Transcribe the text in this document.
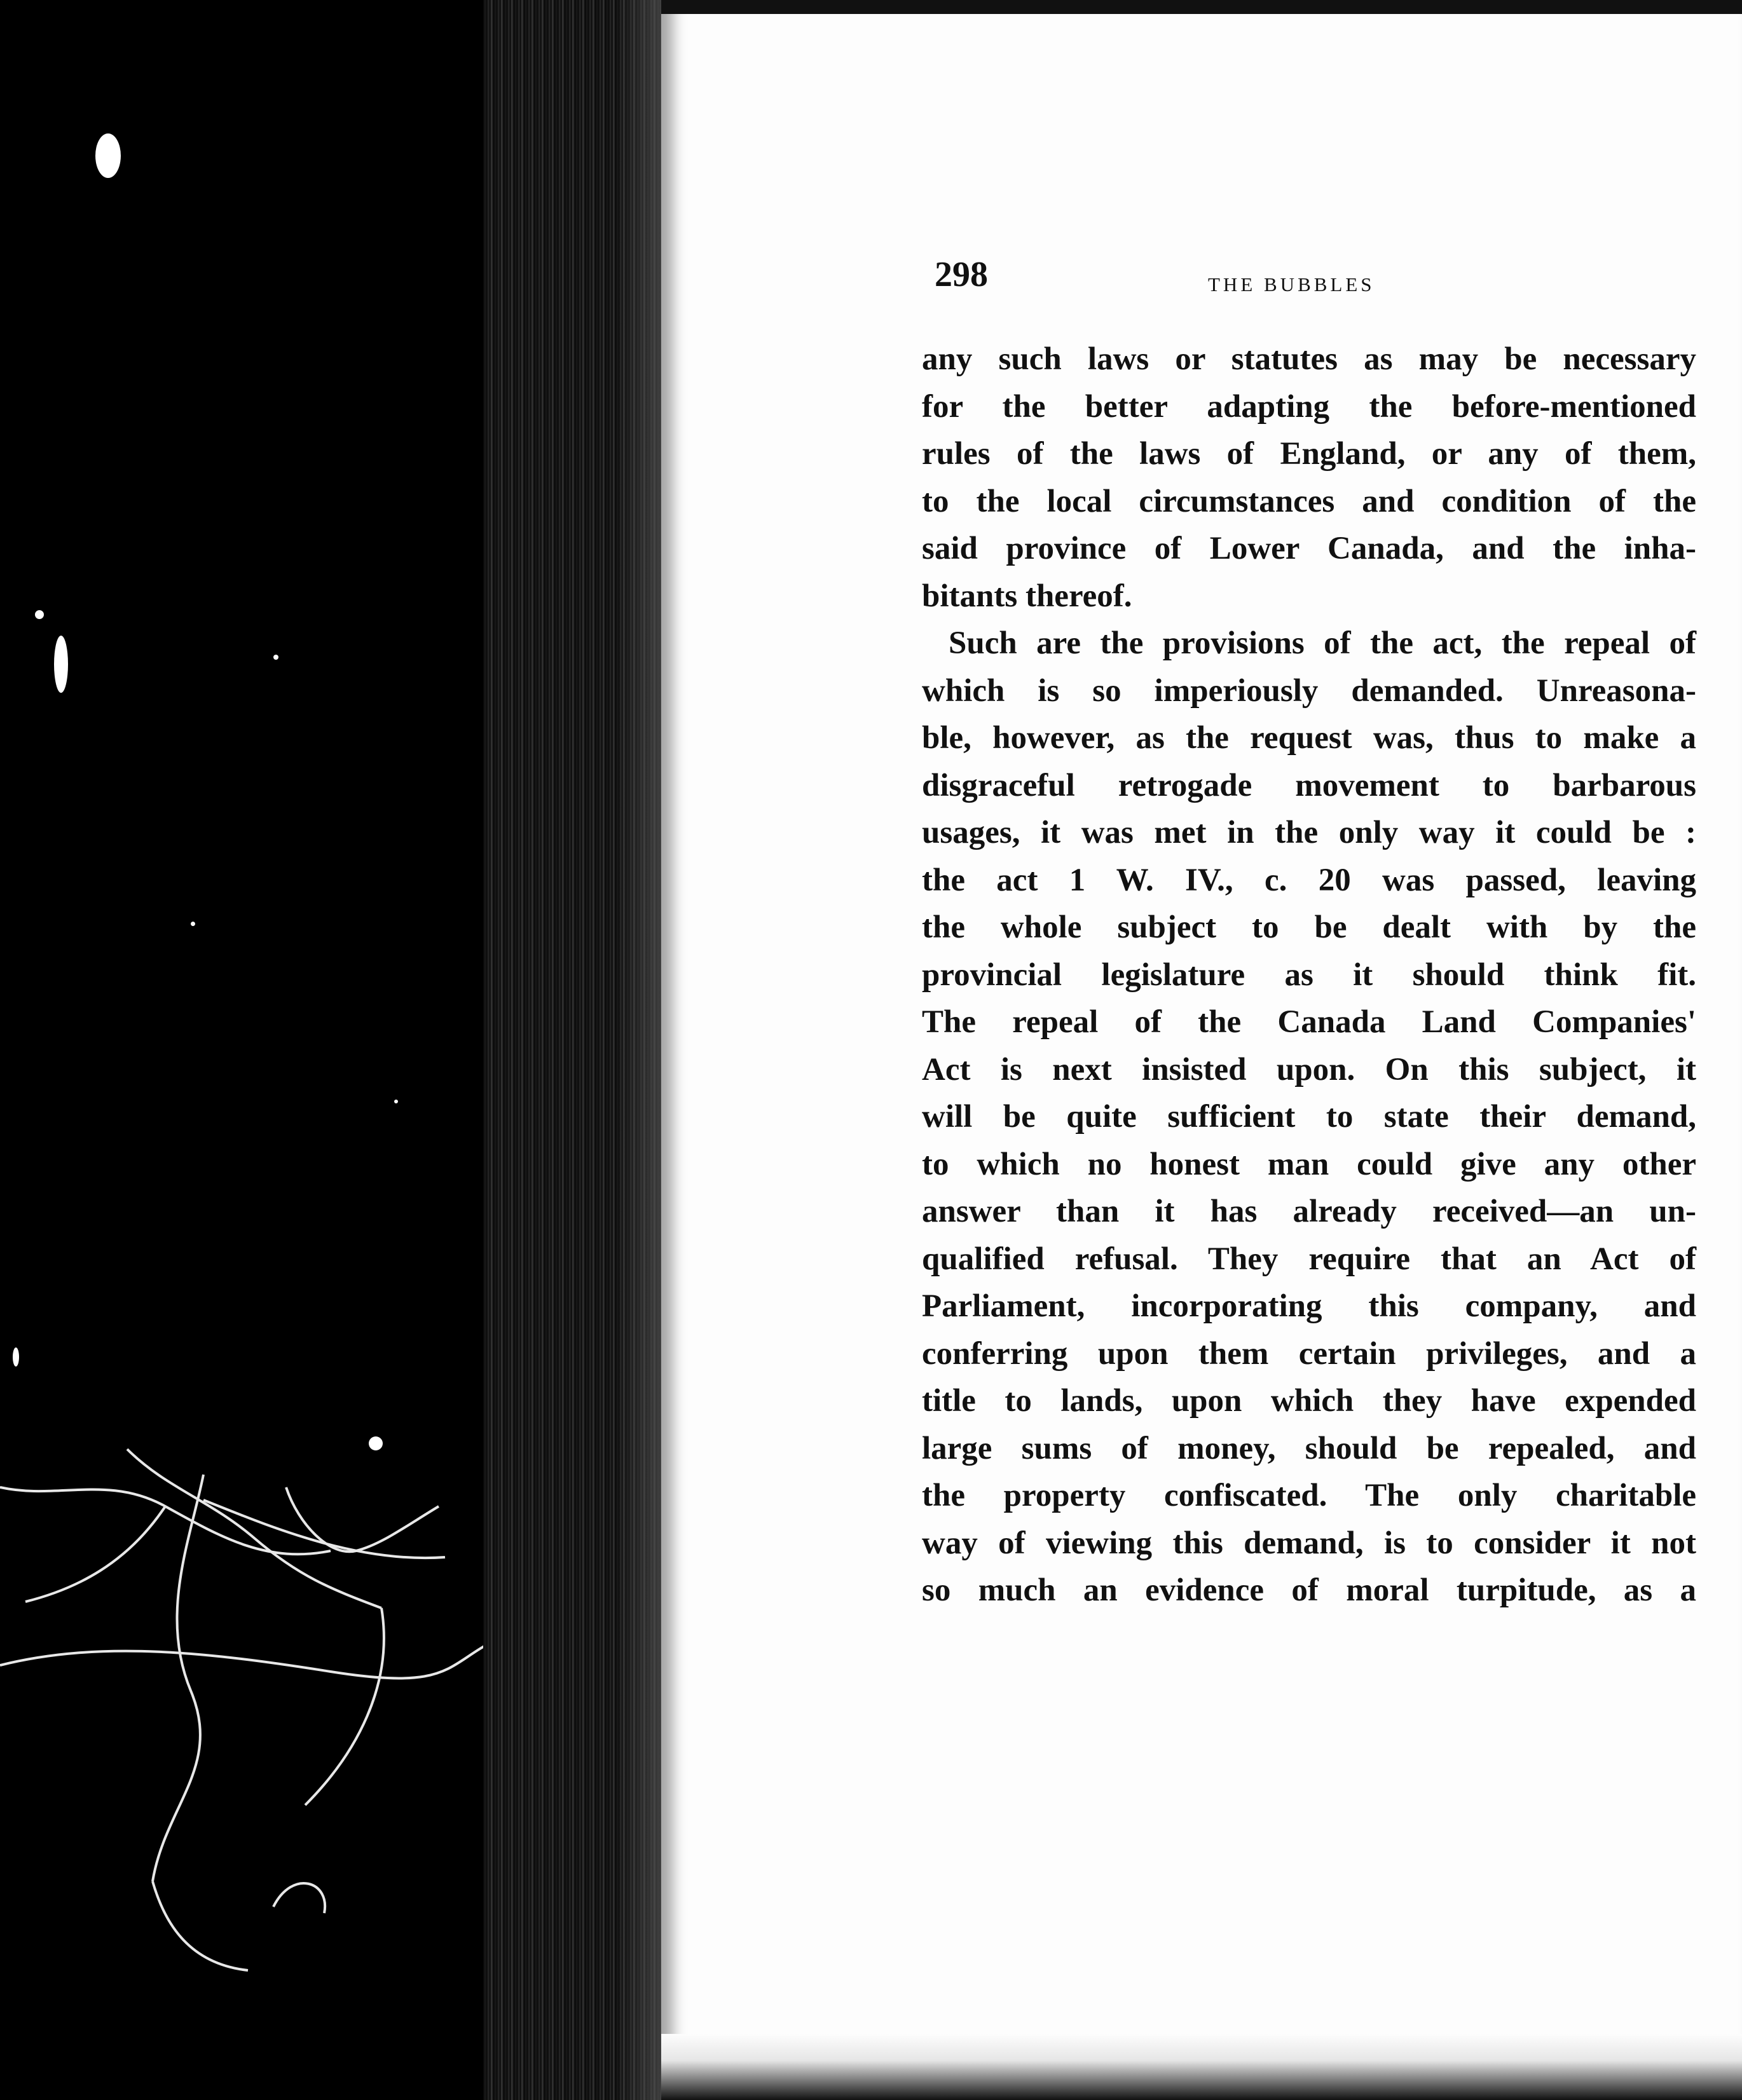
298	THE BUBBLES
any such laws or statutes as may be necessary
for the better adapting the before-mentioned
rules of the laws of England, or any of them,
to the local circumstances and condition of the
said province of Lower Canada, and the inha-
bitants thereof.
Such are the provisions of the act, the repeal of
which is so imperiously demanded. Unreasona-
ble, however, as the request was, thus to make a
disgraceful retrogade movement to barbarous
usages, it was met in the only way it could be :
the act 1 W. IV., c. 20 was passed, leaving
the whole subject to be dealt with by the
provincial legislature as it should think fit.
The repeal of the Canada Land Companies'
Act is next insisted upon. On this subject, it
will be quite sufficient to state their demand,
to which no honest man could give any other
answer than it has already received—an un-
qualified refusal. They require that an Act of
Parliament, incorporating this company, and
conferring upon them certain privileges, and a
title to lands, upon which they have expended
large sums of money, should be repealed, and
the property confiscated. The only charitable
way of viewing this demand, is to consider it not
so much an evidence of moral turpitude, as a
